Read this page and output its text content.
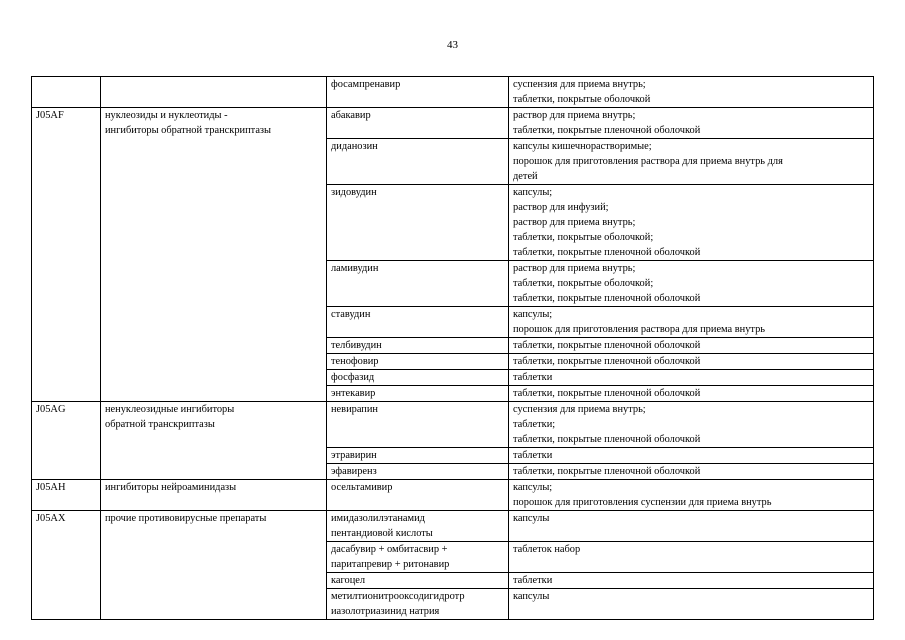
43

		фосампренавир	суспензия для приема внутрь;
таблетки, покрытые оболочкой

J05AF	нуклеозиды и нуклеотиды -
ингибиторы обратной транскриптазы	абакавир	раствор для приема внутрь;
таблетки, покрытые пленочной оболочкой

		диданозин	капсулы кишечнорастворимые;
порошок для приготовления раствора для приема внутрь для
детей

		зидовудин	капсулы;
раствор для инфузий;
раствор для приема внутрь;
таблетки, покрытые оболочкой;
таблетки, покрытые пленочной оболочкой

		ламивудин	раствор для приема внутрь;
таблетки, покрытые оболочкой;
таблетки, покрытые пленочной оболочкой

		ставудин	капсулы;
порошок для приготовления раствора для приема внутрь

		телбивудин	таблетки, покрытые пленочной оболочкой

		тенофовир	таблетки, покрытые пленочной оболочкой

		фосфазид	таблетки

		энтекавир	таблетки, покрытые пленочной оболочкой

J05AG	ненуклеозидные ингибиторы
обратной транскриптазы	невирапин	суспензия для приема внутрь;
таблетки;
таблетки, покрытые пленочной оболочкой

		этравирин	таблетки

		эфавиренз	таблетки, покрытые пленочной оболочкой

J05AH	ингибиторы нейроаминидазы	осельтамивир	капсулы;
порошок для приготовления суспензии для приема внутрь

J05AX	прочие противовирусные препараты	имидазолилэтанамид
пентандиовой кислоты	капсулы

		дасабувир + омбитасвир +
паритапревир + ритонавир	таблеток набор

		кагоцел	таблетки

		метилтионитрооксодигидротр
иазолотриазинид натрия	капсулы
